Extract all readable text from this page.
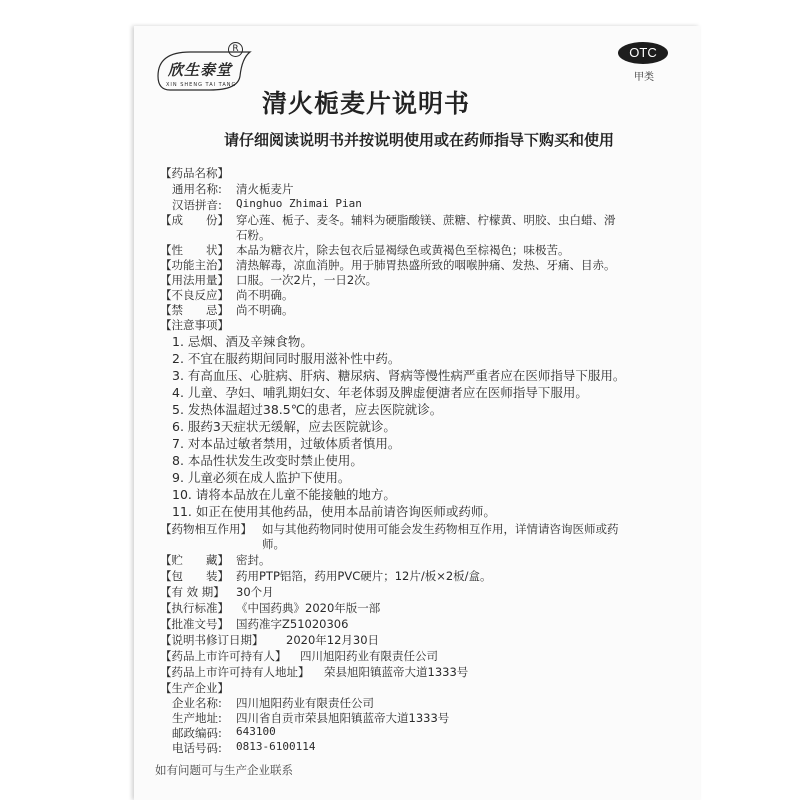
欣生泰堂
XIN SHENG TAI TANG
R	OTC
甲类
清火栀麦片说明书
请仔细阅读说明书并按说明使用或在药师指导下购买和使用
【药品名称】
通用名称: 清火栀麦片
汉语拼音: Qinghuo Zhimai Pian
【成　　份】 穿心莲、栀子、麦冬。辅料为硬脂酸镁、蔗糖、柠檬黄、明胶、虫白蜡、滑
石粉。
【性　　状】 本品为糖衣片，除去包衣后显褐绿色或黄褐色至棕褐色；味极苦。
【功能主治】 清热解毒，凉血消肿。用于肺胃热盛所致的咽喉肿痛、发热、牙痛、目赤。
【用法用量】 口服。一次2片，一日2次。
【不良反应】 尚不明确。
【禁　　忌】 尚不明确。
【注意事项】
1. 忌烟、酒及辛辣食物。
2. 不宜在服药期间同时服用滋补性中药。
3. 有高血压、心脏病、肝病、糖尿病、肾病等慢性病严重者应在医师指导下服用。
4. 儿童、孕妇、哺乳期妇女、年老体弱及脾虚便溏者应在医师指导下服用。
5. 发热体温超过38.5℃的患者，应去医院就诊。
6. 服药3天症状无缓解，应去医院就诊。
7. 对本品过敏者禁用，过敏体质者慎用。
8. 本品性状发生改变时禁止使用。
9. 儿童必须在成人监护下使用。
10. 请将本品放在儿童不能接触的地方。
11. 如正在使用其他药品，使用本品前请咨询医师或药师。
【药物相互作用】 如与其他药物同时使用可能会发生药物相互作用，详情请咨询医师或药
师。
【贮　　藏】 密封。
【包　　装】 药用PTP铝箔，药用PVC硬片；12片/板×2板/盒。
【有 效 期】 30个月
【执行标准】 《中国药典》2020年版一部
【批准文号】 国药准字Z51020306
【说明书修订日期】 2020年12月30日
【药品上市许可持有人】 四川旭阳药业有限责任公司
【药品上市许可持有人地址】 荣县旭阳镇蓝帝大道1333号
【生产企业】
企业名称: 四川旭阳药业有限责任公司
生产地址: 四川省自贡市荣县旭阳镇蓝帝大道1333号
邮政编码: 643100
电话号码: 0813-6100114
如有问题可与生产企业联系
